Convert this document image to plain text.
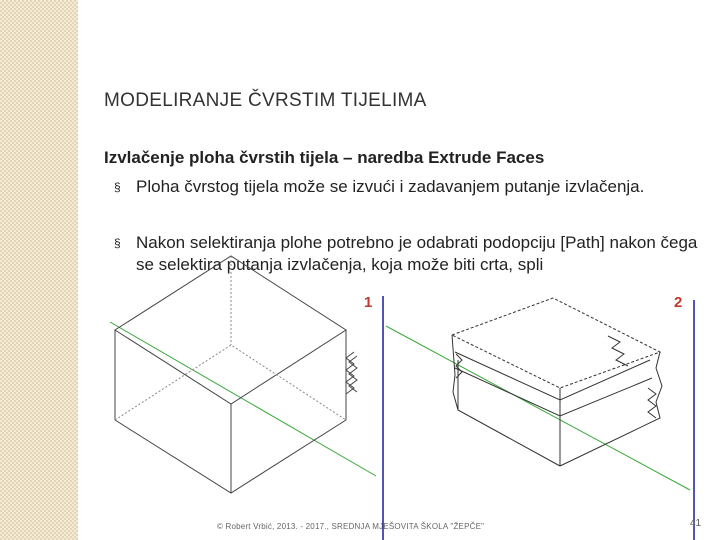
MODELIRANJE ČVRSTIM TIJELIMA
Izvlačenje ploha čvrstih tijela – naredba Extrude Faces
§ Ploha čvrstog tijela može se izvući i zadavanjem putanje izvlačenja.
§ Nakon selektiranja plohe potrebno je odabrati podopciju [Path] nakon čega se selektira putanja izvlačenja, koja može biti crta, spli
1	2
© Robert Vrbić, 2013. - 2017., SREDNJA MJEŠOVITA ŠKOLA "ŽEPČE"	41
